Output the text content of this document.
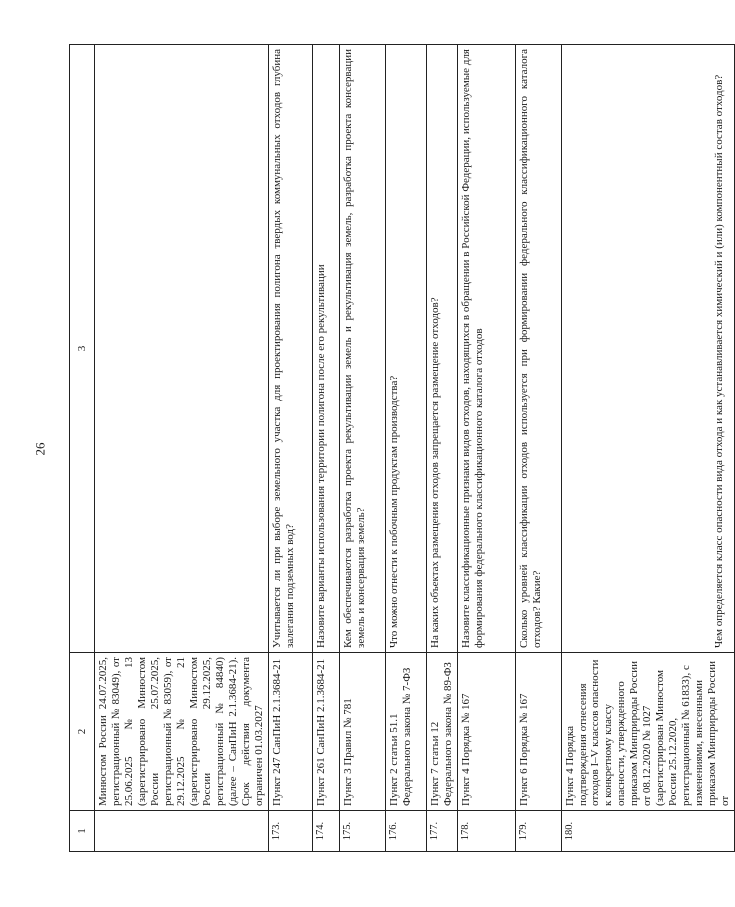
26
1	2	3
	Минюстом России 24.07.2025, регистрационный № 83049), от 25.06.2025 № 13 (зарегистрировано Минюстом России 25.07.2025, регистрационный № 83059), от 29.12.2025 № 21 (зарегистрировано Минюстом России 29.12.2025, регистрационный № 84840) (далее – СанПиН 2.1.3684-21). Срок действия документа ограничен 01.03.2027	
173.	Пункт 247 СанПиН 2.1.3684-21	Учитывается ли при выборе земельного участка для проектирования полигона твердых коммунальных отходов глубина залегания подземных вод?
174.	Пункт 261 СанПиН 2.1.3684-21	Назовите варианты использования территории полигона после его рекультивации
175.	Пункт 3 Правил № 781	Кем обеспечиваются разработка проекта рекультивации земель и рекультивация земель, разработка проекта консервации земель и консервация земель?
176.	Пункт 2 статьи 51.1 Федерального закона № 7-ФЗ	Что можно отнести к побочным продуктам производства?
177.	Пункт 7 статьи 12 Федерального закона № 89-ФЗ	На каких объектах размещения отходов запрещается размещение отходов?
178.	Пункт 4 Порядка № 167	Назовите классификационные признаки видов отходов, находящихся в обращении в Российской Федерации, используемые для формирования федерального классификационного каталога отходов
179.	Пункт 6 Порядка № 167	Сколько уровней классификации отходов используется при формировании федерального классификационного каталога отходов? Какие?
180.	Пункт 4 Порядка подтверждения отнесения отходов I–V классов опасности к конкретному классу опасности, утвержденного приказом Минприроды России от 08.12.2020 № 1027 (зарегистрирован Минюстом России 25.12.2020, регистрационный № 61833), с изменениями, внесенными приказом Минприроды России от	Чем определяется класс опасности вида отхода и как устанавливается химический и (или) компонентный состав отходов?
